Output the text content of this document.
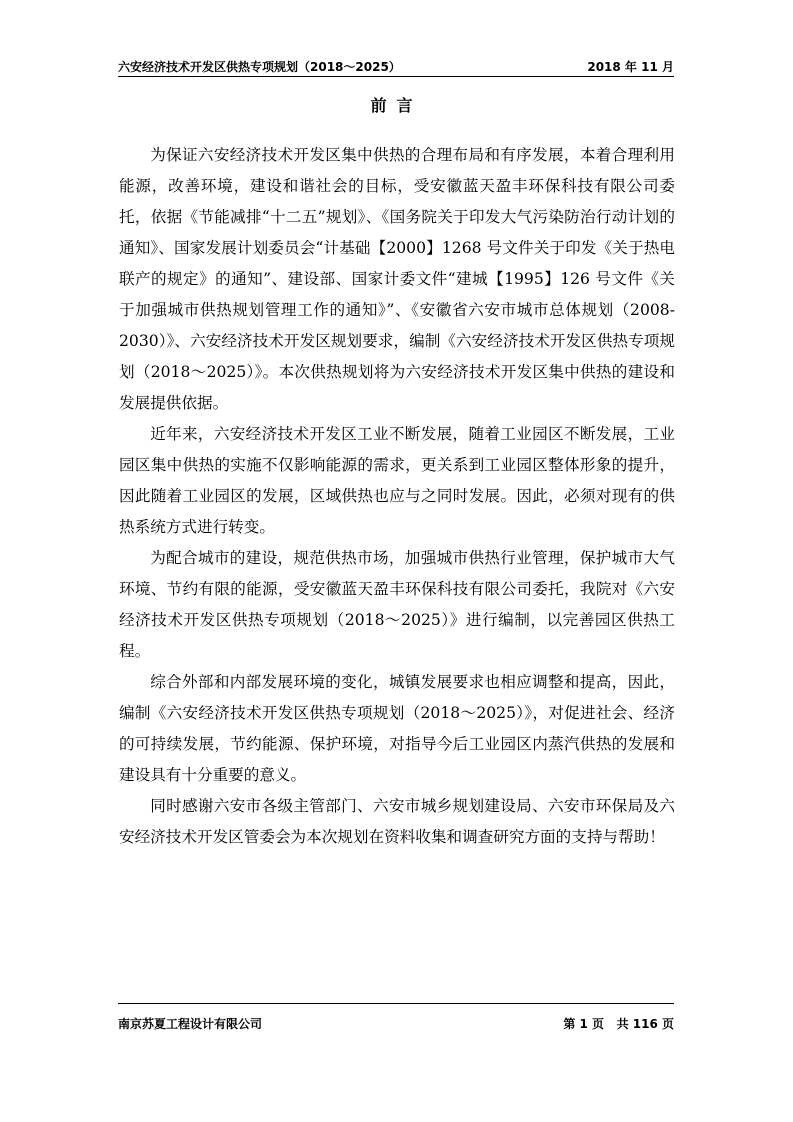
六安经济技术开发区供热专项规划（2018～2025）	2018 年 11 月
前言

为保证六安经济技术开发区集中供热的合理布局和有序发展，本着合理利用能源，改善环境，建设和谐社会的目标，受安徽蓝天盈丰环保科技有限公司委托，依据《节能减排“十二五”规划》、《国务院关于印发大气污染防治行动计划的通知》、国家发展计划委员会“计基础【2000】1268 号文件关于印发《关于热电联产的规定》的通知”、建设部、国家计委文件“建城【1995】126 号文件《关于加强城市供热规划管理工作的通知》”、《安徽省六安市城市总体规划（2008-2030）》、六安经济技术开发区规划要求，编制《六安经济技术开发区供热专项规划（2018～2025）》。本次供热规划将为六安经济技术开发区集中供热的建设和发展提供依据。

近年来，六安经济技术开发区工业不断发展，随着工业园区不断发展，工业园区集中供热的实施不仅影响能源的需求，更关系到工业园区整体形象的提升，因此随着工业园区的发展，区域供热也应与之同时发展。因此，必须对现有的供热系统方式进行转变。

为配合城市的建设，规范供热市场，加强城市供热行业管理，保护城市大气环境、节约有限的能源，受安徽蓝天盈丰环保科技有限公司委托，我院对《六安经济技术开发区供热专项规划（2018～2025）》进行编制，以完善园区供热工程。

综合外部和内部发展环境的变化，城镇发展要求也相应调整和提高，因此，编制《六安经济技术开发区供热专项规划（2018～2025）》，对促进社会、经济的可持续发展，节约能源、保护环境，对指导今后工业园区内蒸汽供热的发展和建设具有十分重要的意义。

同时感谢六安市各级主管部门、六安市城乡规划建设局、六安市环保局及六安经济技术开发区管委会为本次规划在资料收集和调查研究方面的支持与帮助！

南京苏夏工程设计有限公司	第 1 页 共 116 页
